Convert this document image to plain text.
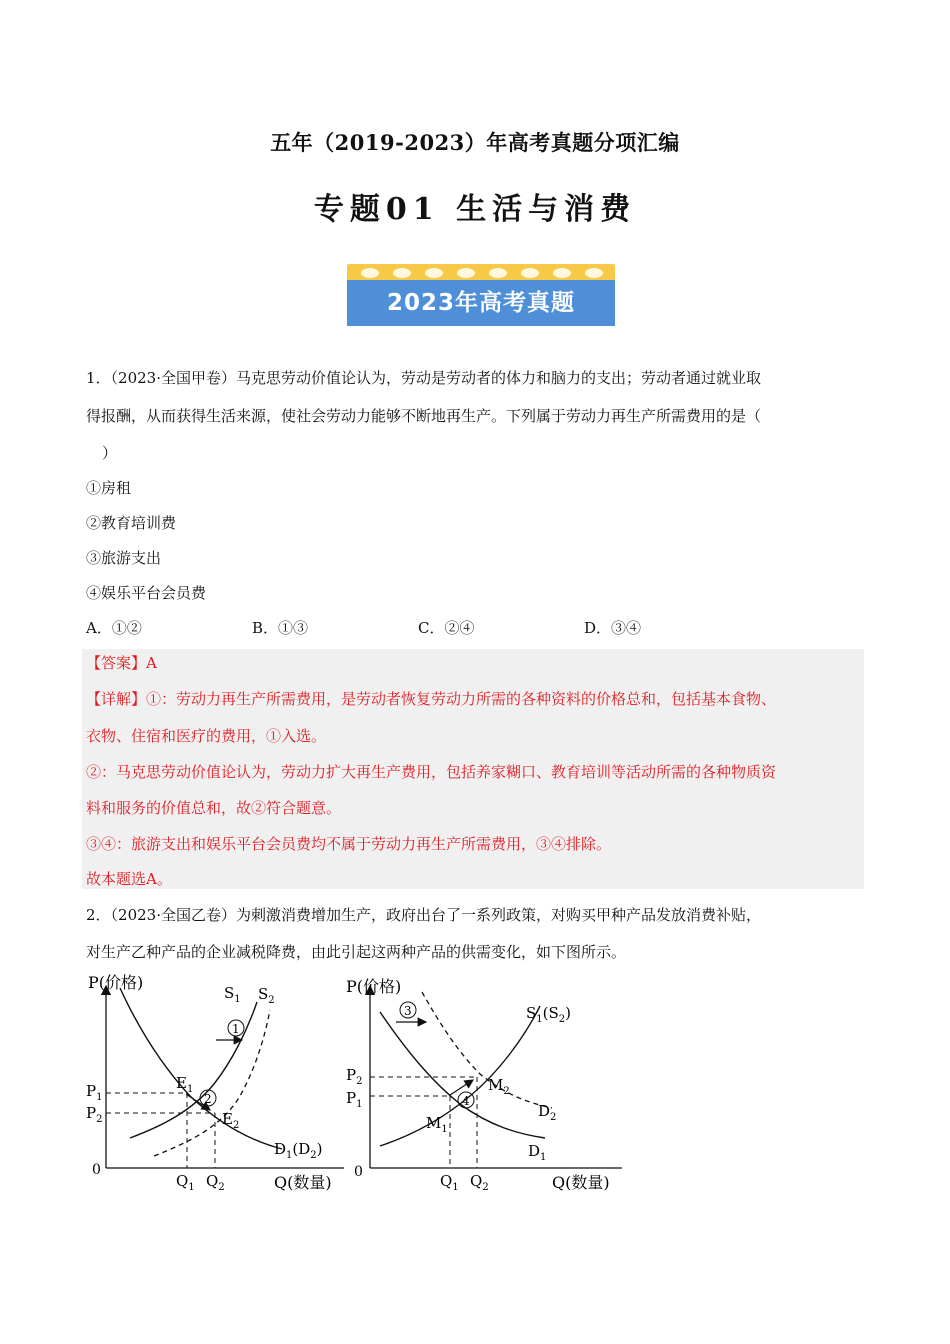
五年（2019-2023）年高考真题分项汇编
专题01 生活与消费
2023年高考真题
1．（2023·全国甲卷）马克思劳动价值论认为，劳动是劳动者的体力和脑力的支出；劳动者通过就业取
得报酬，从而获得生活来源，使社会劳动力能够不断地再生产。下列属于劳动力再生产所需费用的是（
）
①房租
②教育培训费
③旅游支出
④娱乐平台会员费
A．①②	B．①③	C．②④	D．③④
【答案】A
【详解】①：劳动力再生产所需费用，是劳动者恢复劳动力所需的各种资料的价格总和，包括基本食物、
衣物、住宿和医疗的费用，①入选。
②：马克思劳动价值论认为，劳动力扩大再生产费用，包括养家糊口、教育培训等活动所需的各种物质资
料和服务的价值总和，故②符合题意。
③④：旅游支出和娱乐平台会员费均不属于劳动力再生产所需费用，③④排除。
故本题选A。
2．（2023·全国乙卷）为刺激消费增加生产，政府出台了一系列政策，对购买甲种产品发放消费补贴，
对生产乙种产品的企业减税降费，由此引起这两种产品的供需变化，如下图所示。
P(价格)
0
1
2
$S_1$ $S_2$
$E_1$
$E_2$
$D_1(D_2)$
$P_1$
$P_2$
$Q_1$ $Q_2$	Q(数量)
P(价格)
0
3
4
$S_1(S_2)$
$D_2$
$D_1$
$M_2$
$M_1$
$P_2$
$P_1$
$Q_1$ $Q_2$	Q(数量)
